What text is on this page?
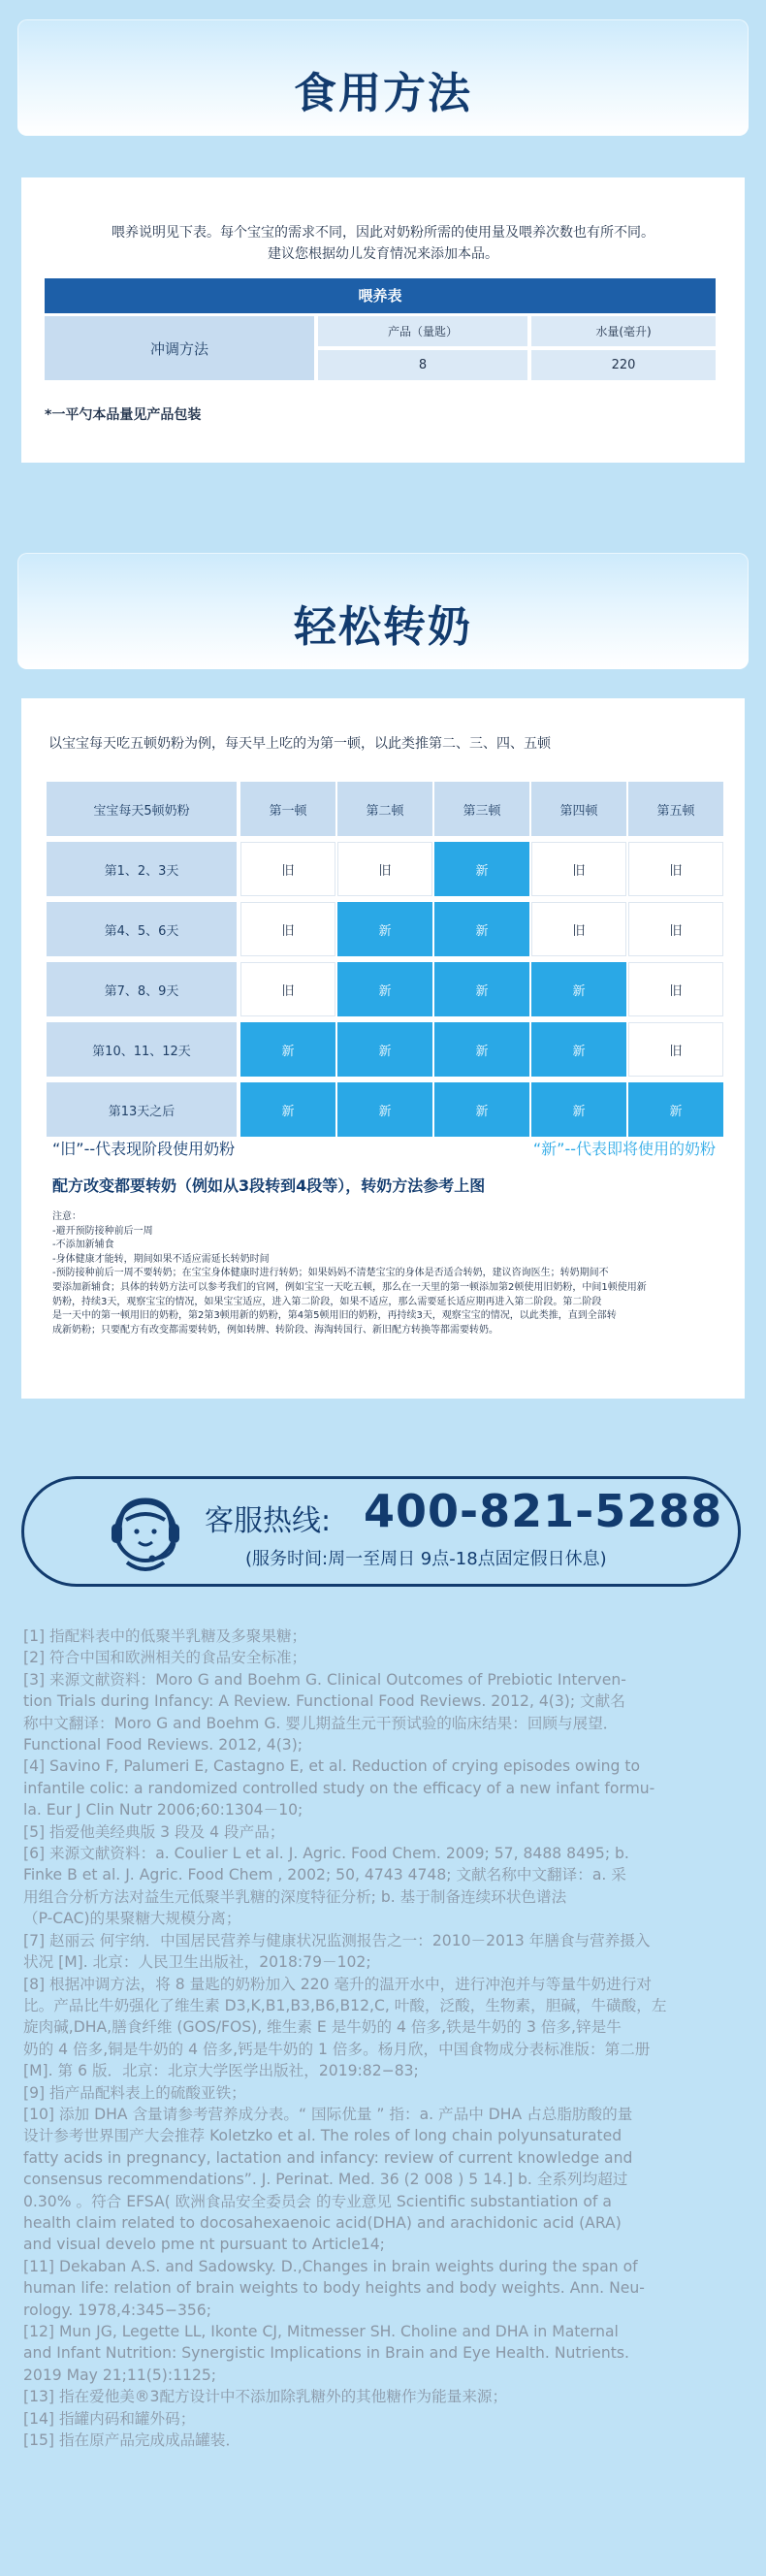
食用方法
喂养说明见下表。每个宝宝的需求不同，因此对奶粉所需的使用量及喂养次数也有所不同。
建议您根据幼儿发育情况来添加本品。
喂养表
冲调方法
产品（量匙）	水量(毫升)
8	220
*一平勺本品量见产品包装
轻松转奶
以宝宝每天吃五顿奶粉为例，每天早上吃的为第一顿，以此类推第二、三、四、五顿
宝宝每天5顿奶粉	第一顿	第二顿	第三顿	第四顿	第五顿
第1、2、3天	旧	旧	新	旧	旧
第4、5、6天	旧	新	新	旧	旧
第7、8、9天	旧	新	新	新	旧
第10、11、12天	新	新	新	新	旧
第13天之后	新	新	新	新	新
“旧”--代表现阶段使用奶粉	“新”--代表即将使用的奶粉
配方改变都要转奶（例如从3段转到4段等），转奶方法参考上图
注意：
-避开预防接种前后一周
-不添加新辅食
-身体健康才能转，期间如果不适应需延长转奶时间
-预防接种前后一周不要转奶；在宝宝身体健康时进行转奶；如果妈妈不清楚宝宝的身体是否适合转奶，建议咨询医生；转奶期间不
要添加新辅食；具体的转奶方法可以参考我们的官网，例如宝宝一天吃五顿，那么在一天里的第一顿添加第2顿使用旧奶粉，中间1顿使用新
奶粉，持续3天，观察宝宝的情况，如果宝宝适应，进入第二阶段，如果不适应，那么需要延长适应期再进入第二阶段。第二阶段
是一天中的第一顿用旧的奶粉，第2第3顿用新的奶粉，第4第5顿用旧的奶粉，再持续3天，观察宝宝的情况，以此类推，直到全部转
成新奶粉；只要配方有改变都需要转奶，例如转牌、转阶段、海淘转国行、新旧配方转换等都需要转奶。
客服热线: 400-821-5288
(服务时间:周一至周日 9点-18点固定假日休息)
[1] 指配料表中的低聚半乳糖及多聚果糖；
[2] 符合中国和欧洲相关的食品安全标准；
[3] 来源文献资料：Moro G and Boehm G. Clinical Outcomes of Prebiotic Interven-
tion Trials during Infancy: A Review. Functional Food Reviews. 2012, 4(3); 文献名
称中文翻译：Moro G and Boehm G. 婴儿期益生元干预试验的临床结果：回顾与展望．
Functional Food Reviews. 2012, 4(3);
[4] Savino F, Palumeri E, Castagno E, et al. Reduction of crying episodes owing to
infantile colic: a randomized controlled study on the efficacy of a new infant formu-
la. Eur J Clin Nutr 2006;60:1304－10;
[5] 指爱他美经典版 3 段及 4 段产品；
[6] 来源文献资料：a. Coulier L et al. J. Agric. Food Chem. 2009; 57, 8488 8495; b.
Finke B et al. J. Agric. Food Chem , 2002; 50, 4743 4748; 文献名称中文翻译：a. 采
用组合分析方法对益生元低聚半乳糖的深度特征分析; b. 基于制备连续环状色谱法
（P-CAC)的果聚糖大规模分离；
[7] 赵丽云 何宇纳．中国居民营养与健康状况监测报告之一：2010－2013 年膳食与营养摄入
状况 [M]. 北京：人民卫生出版社，2018:79－102;
[8] 根据冲调方法，将 8 量匙的奶粉加入 220 毫升的温开水中，进行冲泡并与等量牛奶进行对
比。产品比牛奶强化了维生素 D3,K,B1,B3,B6,B12,C, 叶酸，泛酸，生物素，胆碱，牛磺酸，左
旋肉碱,DHA,膳食纤维 (GOS/FOS), 维生素 E 是牛奶的 4 倍多,铁是牛奶的 3 倍多,锌是牛
奶的 4 倍多,铜是牛奶的 4 倍多,钙是牛奶的 1 倍多。杨月欣，中国食物成分表标准版：第二册
[M]. 第 6 版．北京：北京大学医学出版社，2019:82−83;
[9] 指产品配料表上的硫酸亚铁；
[10] 添加 DHA 含量请参考营养成分表。“ 国际优量 ” 指：a. 产品中 DHA 占总脂肪酸的量
设计参考世界围产大会推荐 Koletzko et al. The roles of long chain polyunsaturated
fatty acids in pregnancy, lactation and infancy: review of current knowledge and
consensus recommendations”. J. Perinat. Med. 36 (2 008 ) 5 14.] b. 全系列均超过
0.30% 。符合 EFSA( 欧洲食品安全委员会 的专业意见 Scientific substantiation of a
health claim related to docosahexaenoic acid(DHA) and arachidonic acid (ARA)
and visual develo pme nt pursuant to Article14;
[11] Dekaban A.S. and Sadowsky. D.,Changes in brain weights during the span of
human life: relation of brain weights to body heights and body weights. Ann. Neu-
rology. 1978,4:345−356;
[12] Mun JG, Legette LL, Ikonte CJ, Mitmesser SH. Choline and DHA in Maternal
and Infant Nutrition: Synergistic Implications in Brain and Eye Health. Nutrients.
2019 May 21;11(5):1125;
[13] 指在爱他美®3配方设计中不添加除乳糖外的其他糖作为能量来源；
[14] 指罐内码和罐外码；
[15] 指在原产品完成成品罐装．
